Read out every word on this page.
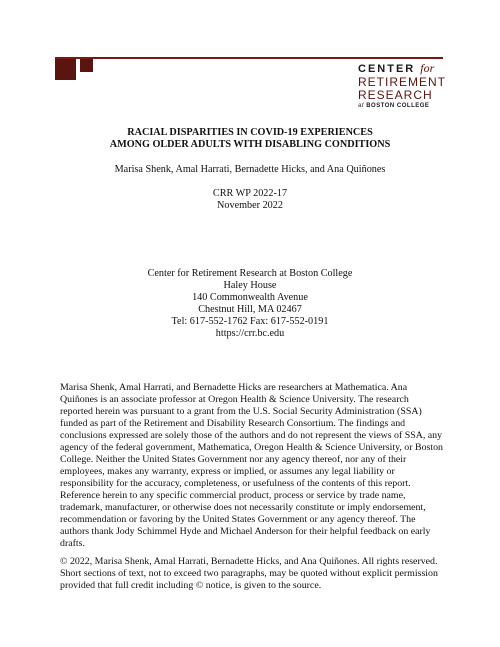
CENTER for
RETIREMENT
RESEARCH
at BOSTON COLLEGE
RACIAL DISPARITIES IN COVID-19 EXPERIENCES
AMONG OLDER ADULTS WITH DISABLING CONDITIONS
Marisa Shenk, Amal Harrati, Bernadette Hicks, and Ana Quiñones
CRR WP 2022-17
November 2022
Center for Retirement Research at Boston College
Haley House
140 Commonwealth Avenue
Chestnut Hill, MA 02467
Tel: 617-552-1762 Fax: 617-552-0191
https://crr.bc.edu
Marisa Shenk, Amal Harrati, and Bernadette Hicks are researchers at Mathematica. Ana
Quiñones is an associate professor at Oregon Health & Science University. The research
reported herein was pursuant to a grant from the U.S. Social Security Administration (SSA)
funded as part of the Retirement and Disability Research Consortium. The findings and
conclusions expressed are solely those of the authors and do not represent the views of SSA, any
agency of the federal government, Mathematica, Oregon Health & Science University, or Boston
College. Neither the United States Government nor any agency thereof, nor any of their
employees, makes any warranty, express or implied, or assumes any legal liability or
responsibility for the accuracy, completeness, or usefulness of the contents of this report.
Reference herein to any specific commercial product, process or service by trade name,
trademark, manufacturer, or otherwise does not necessarily constitute or imply endorsement,
recommendation or favoring by the United States Government or any agency thereof. The
authors thank Jody Schimmel Hyde and Michael Anderson for their helpful feedback on early
drafts.
© 2022, Marisa Shenk, Amal Harrati, Bernadette Hicks, and Ana Quiñones. All rights reserved.
Short sections of text, not to exceed two paragraphs, may be quoted without explicit permission
provided that full credit including © notice, is given to the source.
